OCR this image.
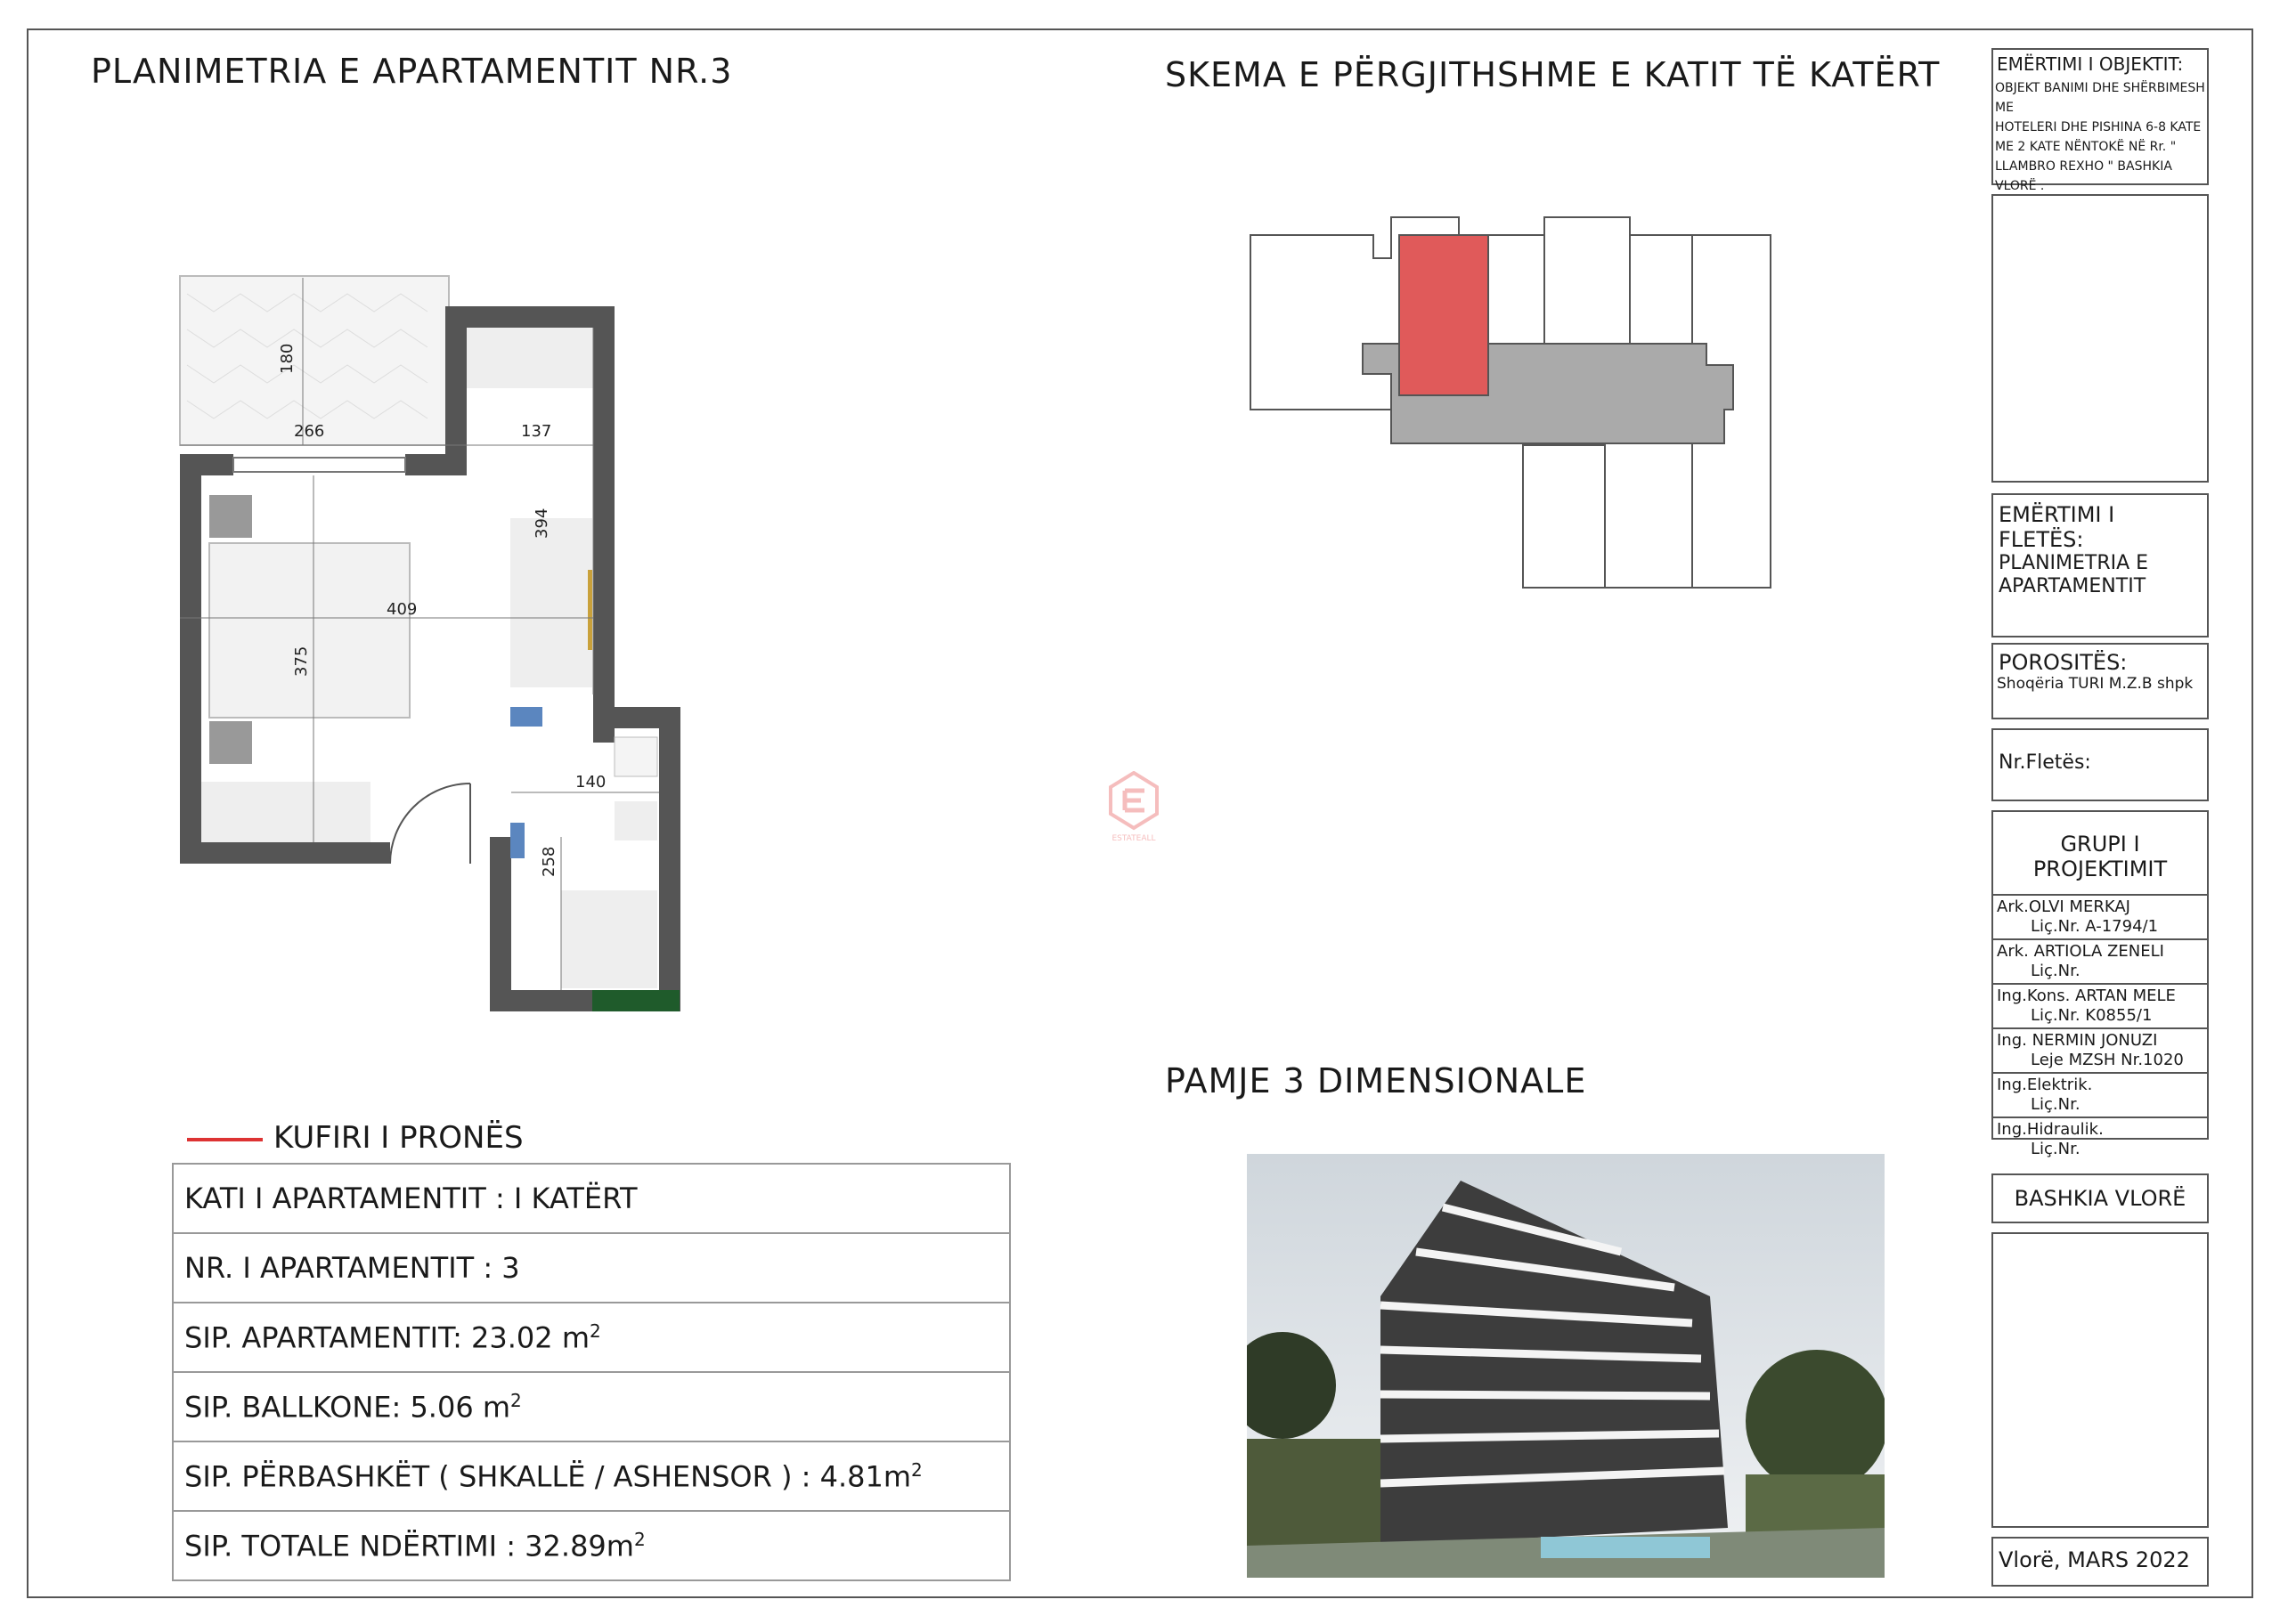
PLANIMETRIA E APARTAMENTIT NR.3	SKEMA E PËRGJITHSHME E KATIT TË KATËRT
PAMJE 3 DIMENSIONALE
180
266	137
394
409
375
140
258
ESTATEALL
KUFIRI I PRONËS
KATI I APARTAMENTIT : I KATËRT
NR. I APARTAMENTIT : 3
SIP. APARTAMENTIT: 23.02 $m^2$
SIP. BALLKONE: 5.06 $m^2$
SIP. PËRBASHKËT ( SHKALLË / ASHENSOR ) : $4.81m^2$
SIP. TOTALE NDËRTIMI : $32.89m^2$
EMËRTIMI I OBJEKTIT:
OBJEKT BANIMI DHE SHËRBIMESH ME
HOTELERI DHE PISHINA 6-8 KATE
ME 2 KATE NËNTOKË NË Rr. "
LLAMBRO REXHO " BASHKIA VLORË .
EMËRTIMI I FLETËS:
PLANIMETRIA E
APARTAMENTIT
POROSITËS:
Shoqëria TURI M.Z.B shpk
Nr.Fletës:
GRUPI I PROJEKTIMIT
Ark.OLVI MERKAJ
Liç.Nr. A-1794/1
Ark. ARTIOLA ZENELI
Liç.Nr.
Ing.Kons. ARTAN MELE
Liç.Nr. K0855/1
Ing. NERMIN JONUZI
Leje MZSH Nr.1020
Ing.Elektrik.
Liç.Nr.
Ing.Hidraulik.
Liç.Nr.
BASHKIA VLORË
Vlorë, MARS 2022
